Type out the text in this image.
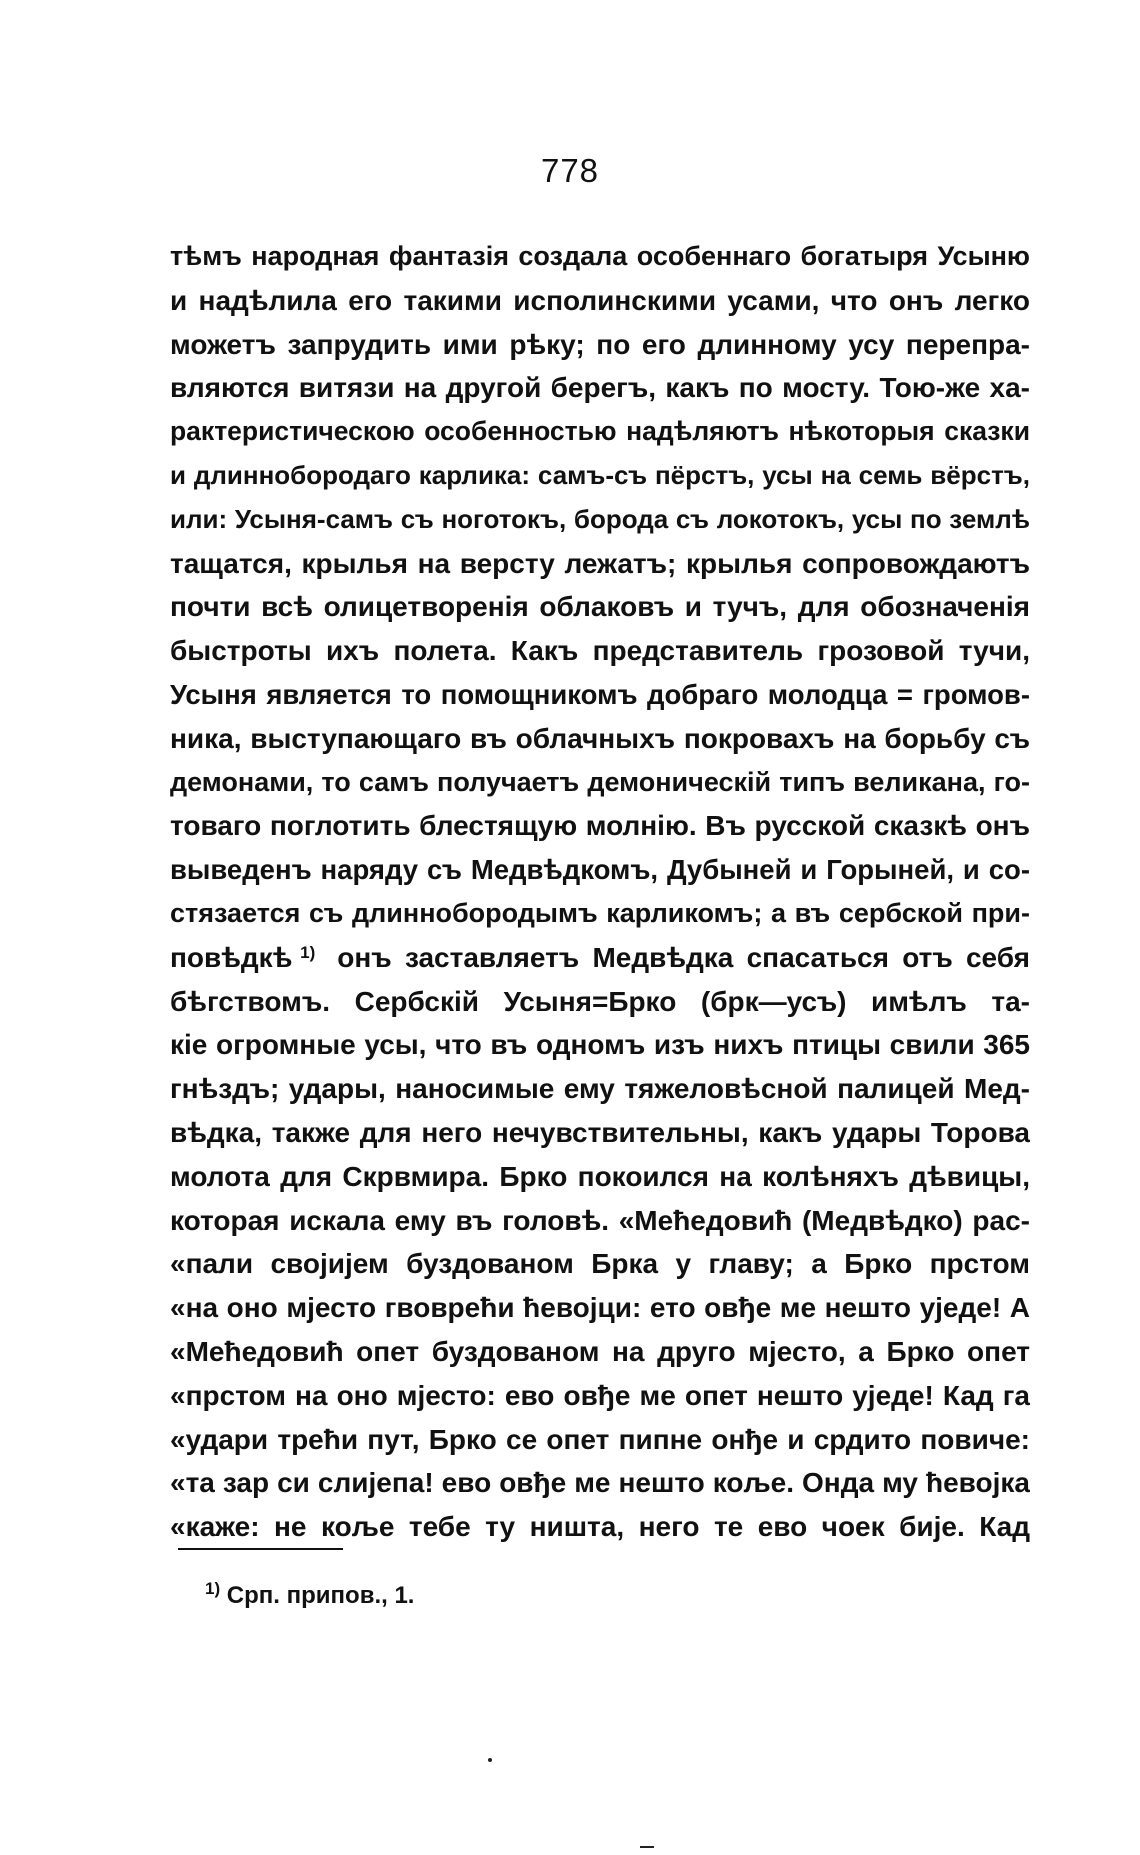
778
тѣмъ народная фантазія создала особеннаго богатыря Усыню
и надѣлила его такими исполинскими усами, что онъ легко
можетъ запрудить ими рѣку; по его длинному усу перепра-
вляются витязи на другой берегъ, какъ по мосту. Тою-же ха-
рактеристическою особенностью надѣляютъ нѣкоторыя сказки
и длиннобородаго карлика: самъ-съ пёрстъ, усы на семь вёрстъ,
или: Усыня-самъ съ ноготокъ, борода съ локотокъ, усы по землѣ
тащатся, крылья на версту лежатъ; крылья сопровождаютъ
почти всѣ олицетворенія облаковъ и тучъ, для обозначенія
быстроты ихъ полета. Какъ представитель грозовой тучи,
Усыня является то помощникомъ добраго молодца = громов-
ника, выступающаго въ облачныхъ покровахъ на борьбу съ
демонами, то самъ получаетъ демоническій типъ великана, го-
товаго поглотить блестящую молнію. Въ русской сказкѣ онъ
выведенъ наряду съ Медвѣдкомъ, Дубыней и Горыней, и со-
стязается съ длиннобородымъ карликомъ; а въ сербской при-
повѣдкѣ $^{1)}$ онъ заставляетъ Медвѣдка спасаться отъ себя
бѣгствомъ. Сербскій Усыня=Брко (брк—усъ) имѣлъ та-
кіе огромные усы, что въ одномъ изъ нихъ птицы свили 365
гнѣздъ; удары, наносимые ему тяжеловѣсной палицей Мед-
вѣдка, также для него нечувствительны, какъ удары Торова
молота для Скрвмира. Брко покоился на колѣняхъ дѣвицы,
которая искала ему въ головѣ. «Мећедовић (Медвѣдко) рас-
«пали својијем буздованом Брка у главу; а Брко прстом
«на оно мјесто гвоврећи ћевојци: ето овђе ме нешто уједе! А
«Мећедовић опет буздованом на друго мјесто, а Брко опет
«прстом на оно мјесто: ево овђе ме опет нешто уједе! Кад га
«удари трећи пут, Брко се опет пипне онђе и срдито повиче:
«та зар си слијепа! ево овђе ме нешто коље. Онда му ћевојка
«каже: не коље тебе ту ништа, него те ево чоек бије. Кад
$^{1)}$ Срп. припов., 1.
